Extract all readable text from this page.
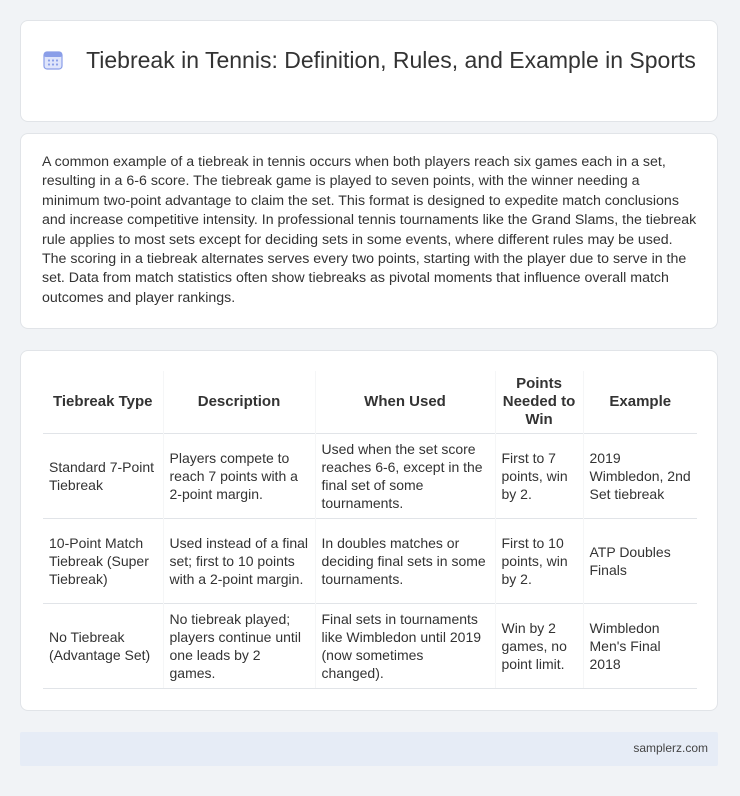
Tiebreak in Tennis: Definition, Rules, and Example in Sports

A common example of a tiebreak in tennis occurs when both players reach six games each in a set, resulting in a 6-6 score. The tiebreak game is played to seven points, with the winner needing a minimum two-point advantage to claim the set. This format is designed to expedite match conclusions and increase competitive intensity. In professional tennis tournaments like the Grand Slams, the tiebreak rule applies to most sets except for deciding sets in some events, where different rules may be used. The scoring in a tiebreak alternates serves every two points, starting with the player due to serve in the set. Data from match statistics often show tiebreaks as pivotal moments that influence overall match outcomes and player rankings.

Tiebreak Type	Description	When Used	Points Needed to Win	Example
Standard 7-Point Tiebreak	Players compete to reach 7 points with a 2-point margin.	Used when the set score reaches 6-6, except in the final set of some tournaments.	First to 7 points, win by 2.	2019 Wimbledon, 2nd Set tiebreak
10-Point Match Tiebreak (Super Tiebreak)	Used instead of a final set; first to 10 points with a 2-point margin.	In doubles matches or deciding final sets in some tournaments.	First to 10 points, win by 2.	ATP Doubles Finals
No Tiebreak (Advantage Set)	No tiebreak played; players continue until one leads by 2 games.	Final sets in tournaments like Wimbledon until 2019 (now sometimes changed).	Win by 2 games, no point limit.	Wimbledon Men's Final 2018
samplerz.com
